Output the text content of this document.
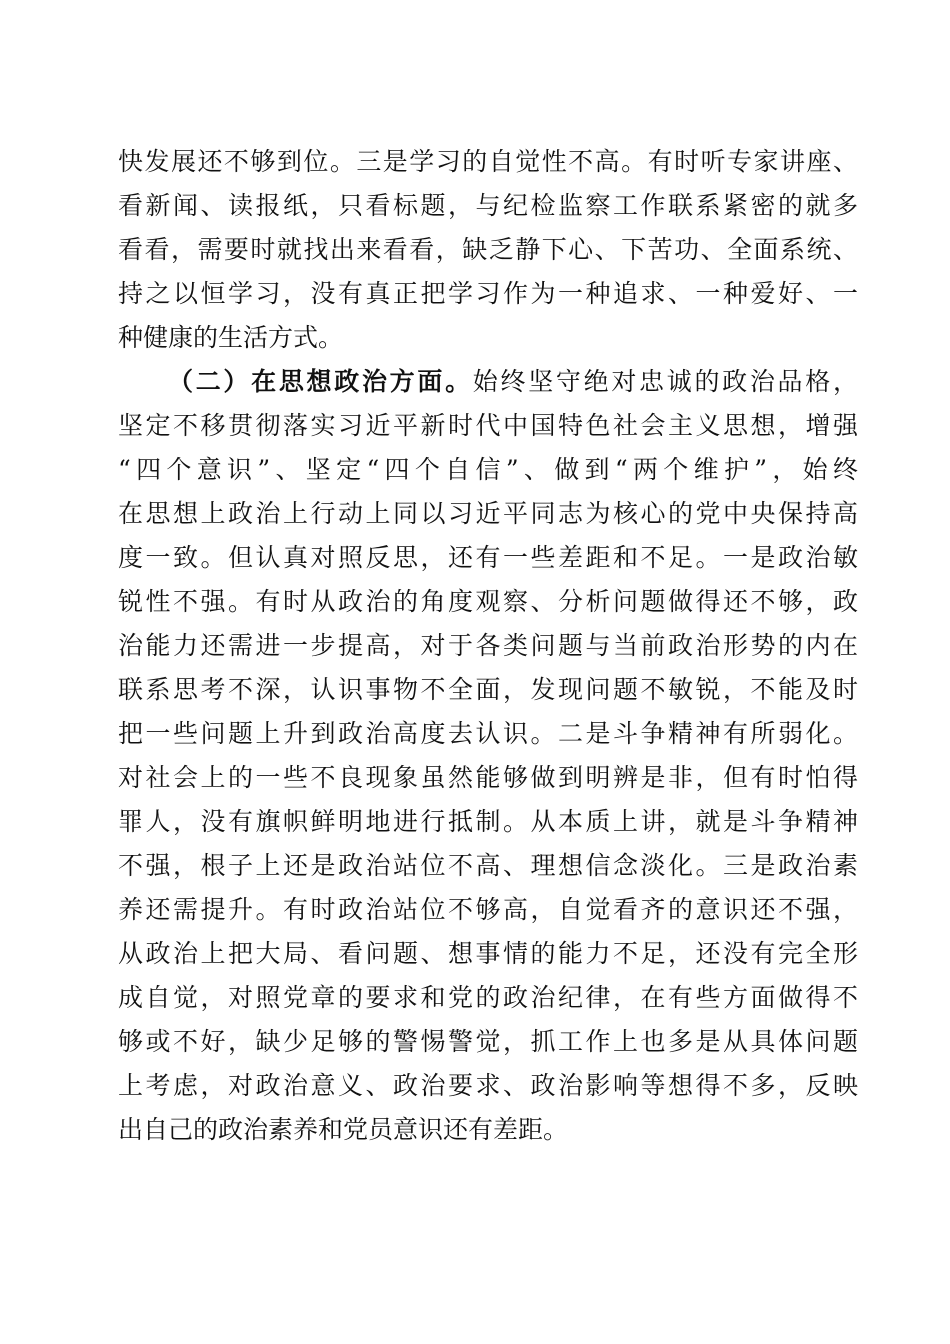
快发展还不够到位。三是学习的自觉性不高。有时听专家讲座、
看新闻、读报纸，只看标题，与纪检监察工作联系紧密的就多
看看，需要时就找出来看看，缺乏静下心、下苦功、全面系统、
持之以恒学习，没有真正把学习作为一种追求、一种爱好、一
种健康的生活方式。
（二）在思想政治方面。始终坚守绝对忠诚的政治品格，
坚定不移贯彻落实习近平新时代中国特色社会主义思想，增强
“四个意识”、坚定“四个自信”、做到“两个维护”，始终
在思想上政治上行动上同以习近平同志为核心的党中央保持高
度一致。但认真对照反思，还有一些差距和不足。一是政治敏
锐性不强。有时从政治的角度观察、分析问题做得还不够，政
治能力还需进一步提高，对于各类问题与当前政治形势的内在
联系思考不深，认识事物不全面，发现问题不敏锐，不能及时
把一些问题上升到政治高度去认识。二是斗争精神有所弱化。
对社会上的一些不良现象虽然能够做到明辨是非，但有时怕得
罪人，没有旗帜鲜明地进行抵制。从本质上讲，就是斗争精神
不强，根子上还是政治站位不高、理想信念淡化。三是政治素
养还需提升。有时政治站位不够高，自觉看齐的意识还不强，
从政治上把大局、看问题、想事情的能力不足，还没有完全形
成自觉，对照党章的要求和党的政治纪律，在有些方面做得不
够或不好，缺少足够的警惕警觉，抓工作上也多是从具体问题
上考虑，对政治意义、政治要求、政治影响等想得不多，反映
出自己的政治素养和党员意识还有差距。
